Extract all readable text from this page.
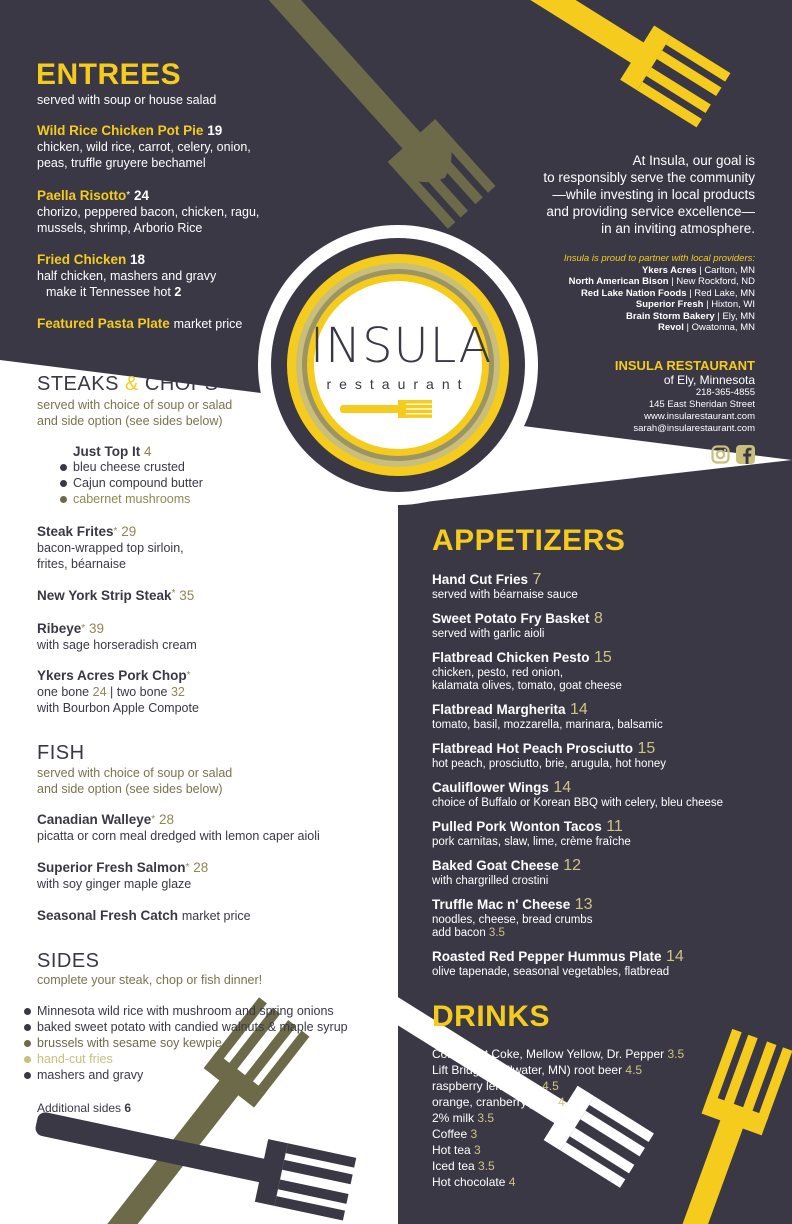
INSULA
restaurant
ENTREES
served with soup or house salad
Wild Rice Chicken Pot Pie 19
chicken, wild rice, carrot, celery, onion,
peas, truffle gruyere bechamel
Paella Risotto* 24
chorizo, peppered bacon, chicken, ragu,
mussels, shrimp, Arborio Rice
Fried Chicken 18
half chicken, mashers and gravy
make it Tennessee hot 2
Featured Pasta Plate market price
At Insula, our goal is
to responsibly serve the community
—while investing in local products
and providing service excellence—
in an inviting atmosphere.
Insula is proud to partner with local providers:
Ykers Acres | Carlton, MN
North American Bison | New Rockford, ND
Red Lake Nation Foods | Red Lake, MN
Superior Fresh | Hixton, WI
Brain Storm Bakery | Ely, MN
Revol | Owatonna, MN
INSULA RESTAURANT
of Ely, Minnesota
218-365-4855
145 East Sheridan Street
www.insularestaurant.com
sarah@insularestaurant.com
STEAKS & CHOPS
served with choice of soup or salad
and side option (see sides below)
Just Top It 4
bleu cheese crusted
Cajun compound butter
cabernet mushrooms
Steak Frites* 29
bacon-wrapped top sirloin,
frites, béarnaise
New York Strip Steak* 35
Ribeye* 39
with sage horseradish cream
Ykers Acres Pork Chop*
one bone 24 | two bone 32
with Bourbon Apple Compote
FISH
served with choice of soup or salad
and side option (see sides below)
Canadian Walleye* 28
picatta or corn meal dredged with lemon caper aioli
Superior Fresh Salmon* 28
with soy ginger maple glaze
Seasonal Fresh Catch market price
SIDES
complete your steak, chop or fish dinner!
Minnesota wild rice with mushroom and spring onions
baked sweet potato with candied walnuts & maple syrup
brussels with sesame soy kewpie
hand-cut fries
mashers and gravy
Additional sides 6
APPETIZERS
Hand Cut Fries 7
served with béarnaise sauce
Sweet Potato Fry Basket 8
served with garlic aioli
Flatbread Chicken Pesto 15
chicken, pesto, red onion,
kalamata olives, tomato, goat cheese
Flatbread Margherita 14
tomato, basil, mozzarella, marinara, balsamic
Flatbread Hot Peach Prosciutto 15
hot peach, prosciutto, brie, arugula, hot honey
Cauliflower Wings 14
choice of Buffalo or Korean BBQ with celery, bleu cheese
Pulled Pork Wonton Tacos 11
pork carnitas, slaw, lime, crème fraîche
Baked Goat Cheese 12
with chargrilled crostini
Truffle Mac n' Cheese 13
noodles, cheese, bread crumbs
add bacon 3.5
Roasted Red Pepper Hummus Plate 14
olive tapenade, seasonal vegetables, flatbread
DRINKS
Coke, Diet Coke, Mellow Yellow, Dr. Pepper 3.5
Lift Bridge (Stillwater, MN) root beer 4.5
raspberry lemonade 4.5
orange, cranberry juice 4
2% milk 3.5
Coffee 3
Hot tea 3
Iced tea 3.5
Hot chocolate 4
